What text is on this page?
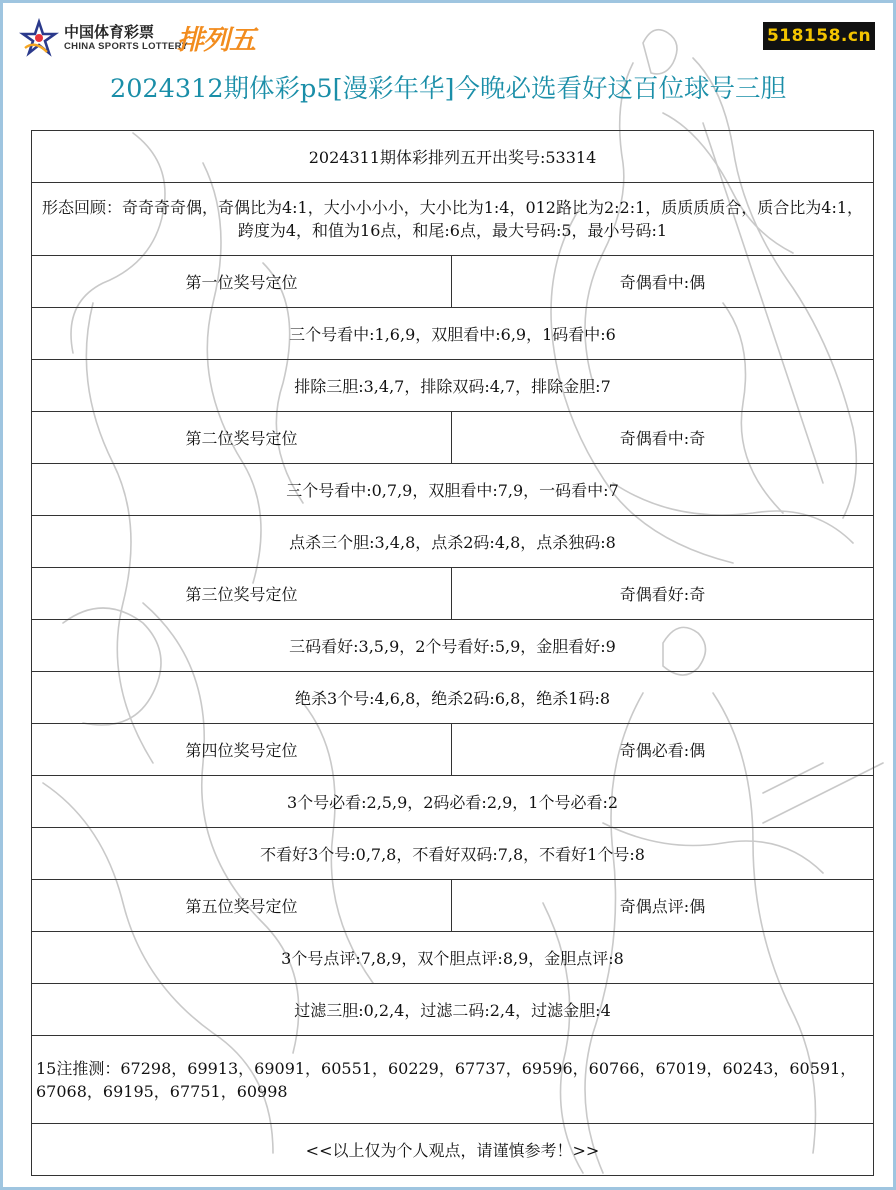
中国体育彩票
CHINA SPORTS LOTTERY
排列五	518158.cn
2024312期体彩p5[漫彩年华]今晚必选看好这百位球号三胆
2024311期体彩排列五开出奖号:53314	
形态回顾：奇奇奇奇偶，奇偶比为4:1，大小小小小，大小比为1:4，012路比为2:2:1，质质质质合，质合比为4:1，跨度为4，和值为16点，和尾:6点，最大号码:5，最小号码:1	
第一位奖号定位	奇偶看中:偶
三个号看中:1,6,9，双胆看中:6,9，1码看中:6	
排除三胆:3,4,7，排除双码:4,7，排除金胆:7	
第二位奖号定位	奇偶看中:奇
三个号看中:0,7,9，双胆看中:7,9，一码看中:7	
点杀三个胆:3,4,8，点杀2码:4,8，点杀独码:8	
第三位奖号定位	奇偶看好:奇
三码看好:3,5,9，2个号看好:5,9，金胆看好:9	
绝杀3个号:4,6,8，绝杀2码:6,8，绝杀1码:8	
第四位奖号定位	奇偶必看:偶
3个号必看:2,5,9，2码必看:2,9，1个号必看:2	
不看好3个号:0,7,8，不看好双码:7,8，不看好1个号:8	
第五位奖号定位	奇偶点评:偶
3个号点评:7,8,9，双个胆点评:8,9，金胆点评:8	
过滤三胆:0,2,4，过滤二码:2,4，过滤金胆:4	
15注推测：67298，69913，69091，60551，60229，67737，69596，60766，67019，60243，60591，67068，69195，67751，60998	
<<以上仅为个人观点，请谨慎参考！>>	
